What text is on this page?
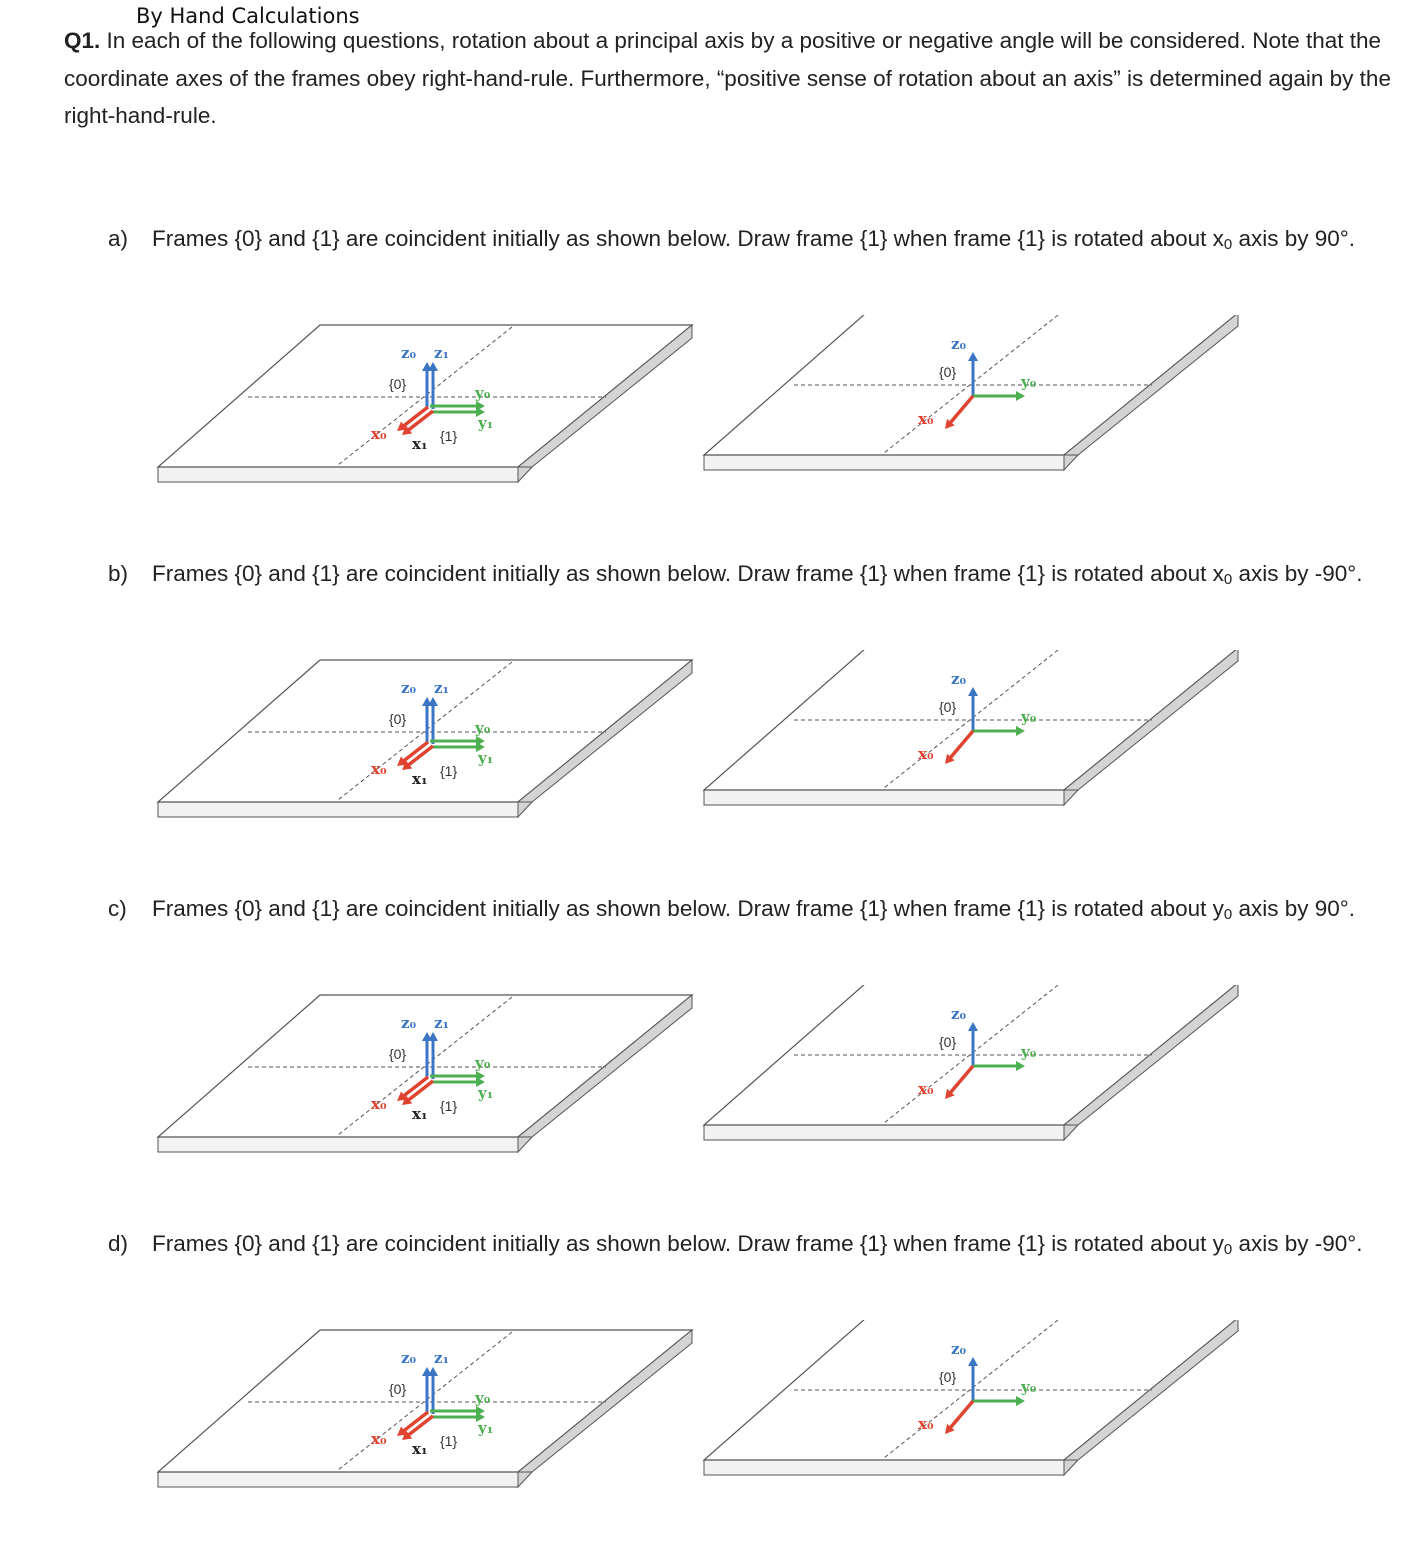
By Hand Calculations
Q1. In each of the following questions, rotation about a principal axis by a positive or negative angle will be considered. Note that the coordinate axes of the frames obey right-hand-rule. Furthermore, “positive sense of rotation about an axis” is determined again by the right-hand-rule.
a) Frames {0} and {1} are coincident initially as shown below. Draw frame {1} when frame {1} is rotated about $x_0$ axis by 90°.
z₀ z₁
{0}	y₀
y₁
{1}
x₀
x₁
z₀
{0}
y₀
x₀
b) Frames {0} and {1} are coincident initially as shown below. Draw frame {1} when frame {1} is rotated about $x_0$ axis by -90°.
z₀ z₁
{0}	y₀
y₁
{1}
x₀
x₁
z₀
{0}
y₀
x₀
c) Frames {0} and {1} are coincident initially as shown below. Draw frame {1} when frame {1} is rotated about $y_0$ axis by 90°.
z₀ z₁
{0}	y₀
y₁
{1}
x₀
x₁
z₀
{0}
y₀
x₀
d) Frames {0} and {1} are coincident initially as shown below. Draw frame {1} when frame {1} is rotated about $y_0$ axis by -90°.
z₀ z₁
{0}	y₀
y₁
{1}
x₀
x₁
z₀
{0}
y₀
x₀
